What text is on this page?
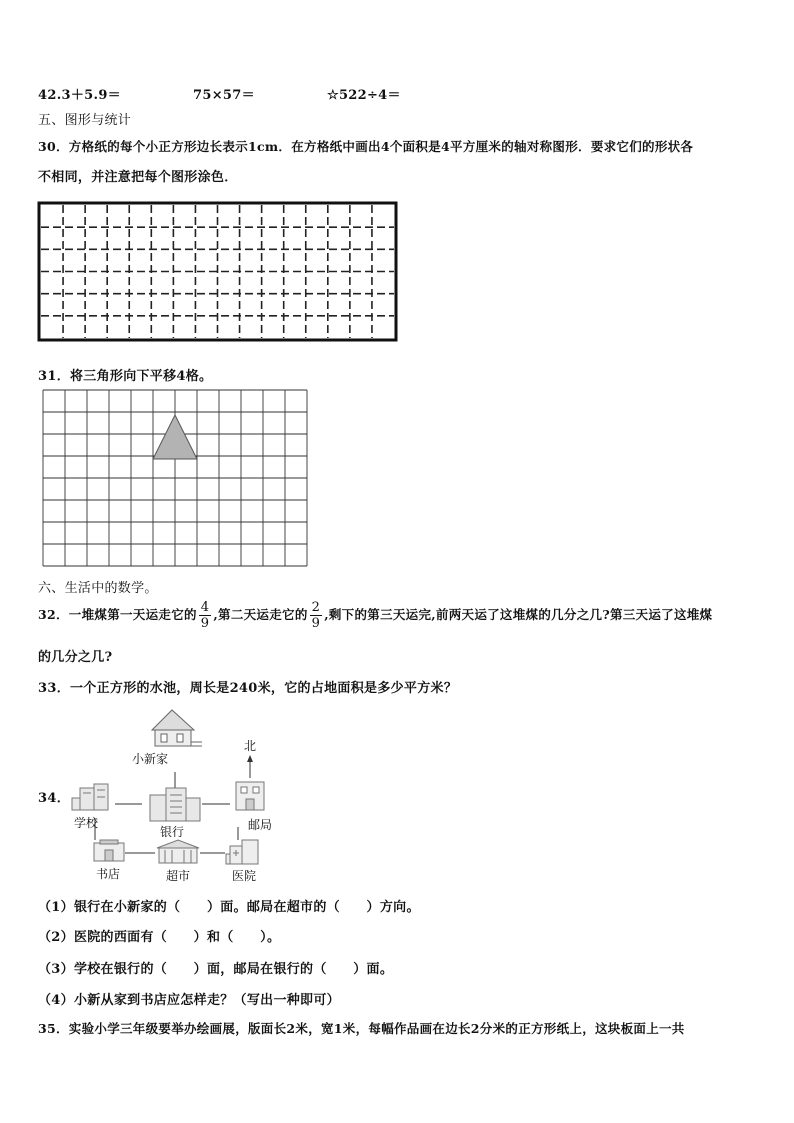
42.3＋5.9＝	75×57＝	☆522÷4＝
五、图形与统计
30．方格纸的每个小正方形边长表示1cm．在方格纸中画出4个面积是4平方厘米的轴对称图形．要求它们的形状各
不相同，并注意把每个图形涂色．
31．将三角形向下平移4格。
六、生活中的数学。
32．一堆煤第一天运走它的 $\frac{4}{9}$ ,第二天运走它的 $\frac{2}{9}$ ,剩下的第三天运完,前两天运了这堆煤的几分之几?第三天运了这堆煤
的几分之几?
33．一个正方形的水池，周长是240米，它的占地面积是多少平方米？
34．
北
小新家
银行
学校	邮局
书店	超市	医院
（1）银行在小新家的（　　）面。邮局在超市的（　　）方向。
（2）医院的西面有（　　）和（　　）。
（3）学校在银行的（　　）面，邮局在银行的（　　）面。
（4）小新从家到书店应怎样走？（写出一种即可）
35．实验小学三年级要举办绘画展，版面长2米，宽1米，每幅作品画在边长2分米的正方形纸上，这块板面上一共
